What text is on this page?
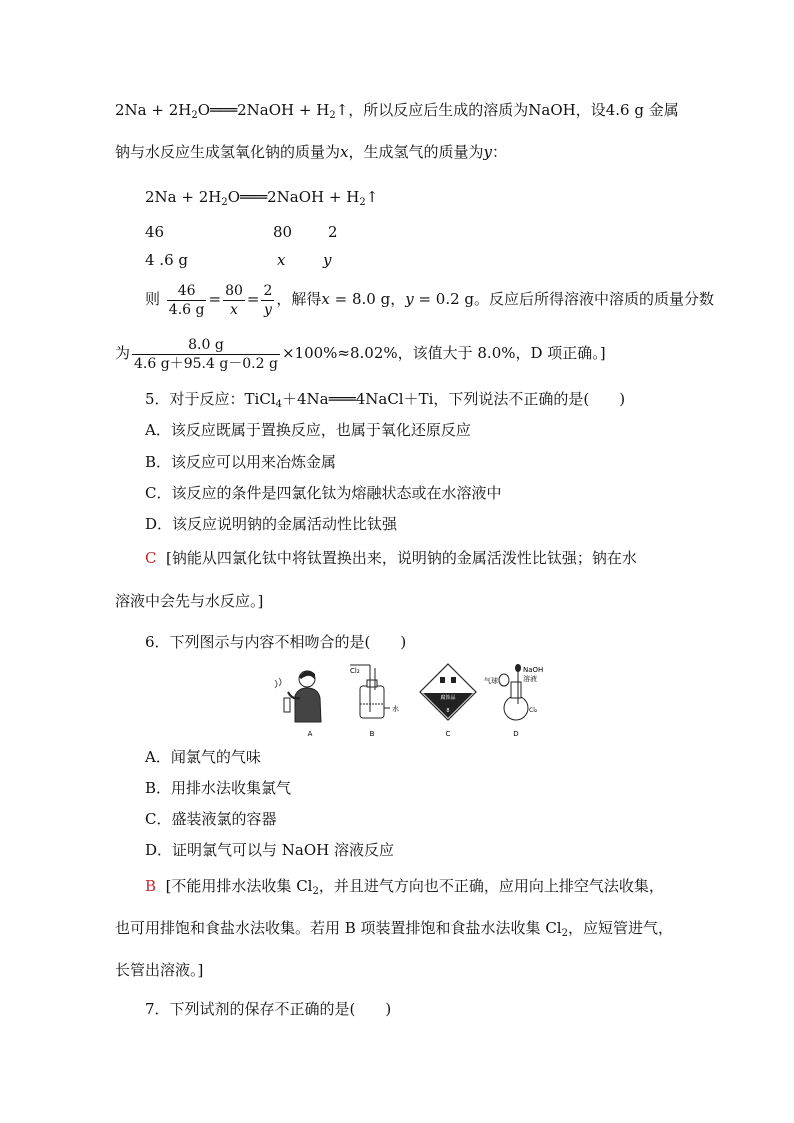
$2Na + 2H_2O═══2NaOH$ + $H_2↑$，所以反应后生成的溶质为NaOH，设4.6 g 金属
钠与水反应生成氢氧化钠的质量为x，生成氢气的质量为y：
$2Na + 2H_2O═══2NaOH$ + $H_2↑$
46	80 2
4 .6 g	x	y
则 $\frac{46}{4.6 g} = \frac{80}{x} = \frac{2}{y}$ ，解得x = 8.0 g，y = 0.2 g。反应后所得溶液中溶质的质量分数
为 $\frac{8.0 g}{4.6 g+95.4 g-0.2 g} \times 100\%\approx 8.02\%$，该值大于 8.0%，D 项正确。]
5．对于反应：TiCl$_4$＋4Na═══4NaCl＋Ti，下列说法不正确的是(　　)
A．该反应既属于置换反应，也属于氧化还原反应
B．该反应可以用来冶炼金属
C．该反应的条件是四氯化钛为熔融状态或在水溶液中
D．该反应说明钠的金属活动性比钛强
C [钠能从四氯化钛中将钛置换出来，说明钠的金属活泼性比钛强；钠在水
溶液中会先与水反应。]
6．下列图示与内容不相吻合的是(　　)
A
Cl₂
水
B
腐蚀品
8
C
NaOH
溶液
气球
Cl₂
D
A．闻氯气的气味
B．用排水法收集氯气
C．盛装液氯的容器
D．证明氯气可以与 NaOH 溶液反应
B [不能用排水法收集 $Cl_2$，并且进气方向也不正确，应用向上排空气法收集，
也可用排饱和食盐水法收集。若用 B 项装置排饱和食盐水法收集 $Cl_2$，应短管进气，
长管出溶液。]
7．下列试剂的保存不正确的是(　　)
